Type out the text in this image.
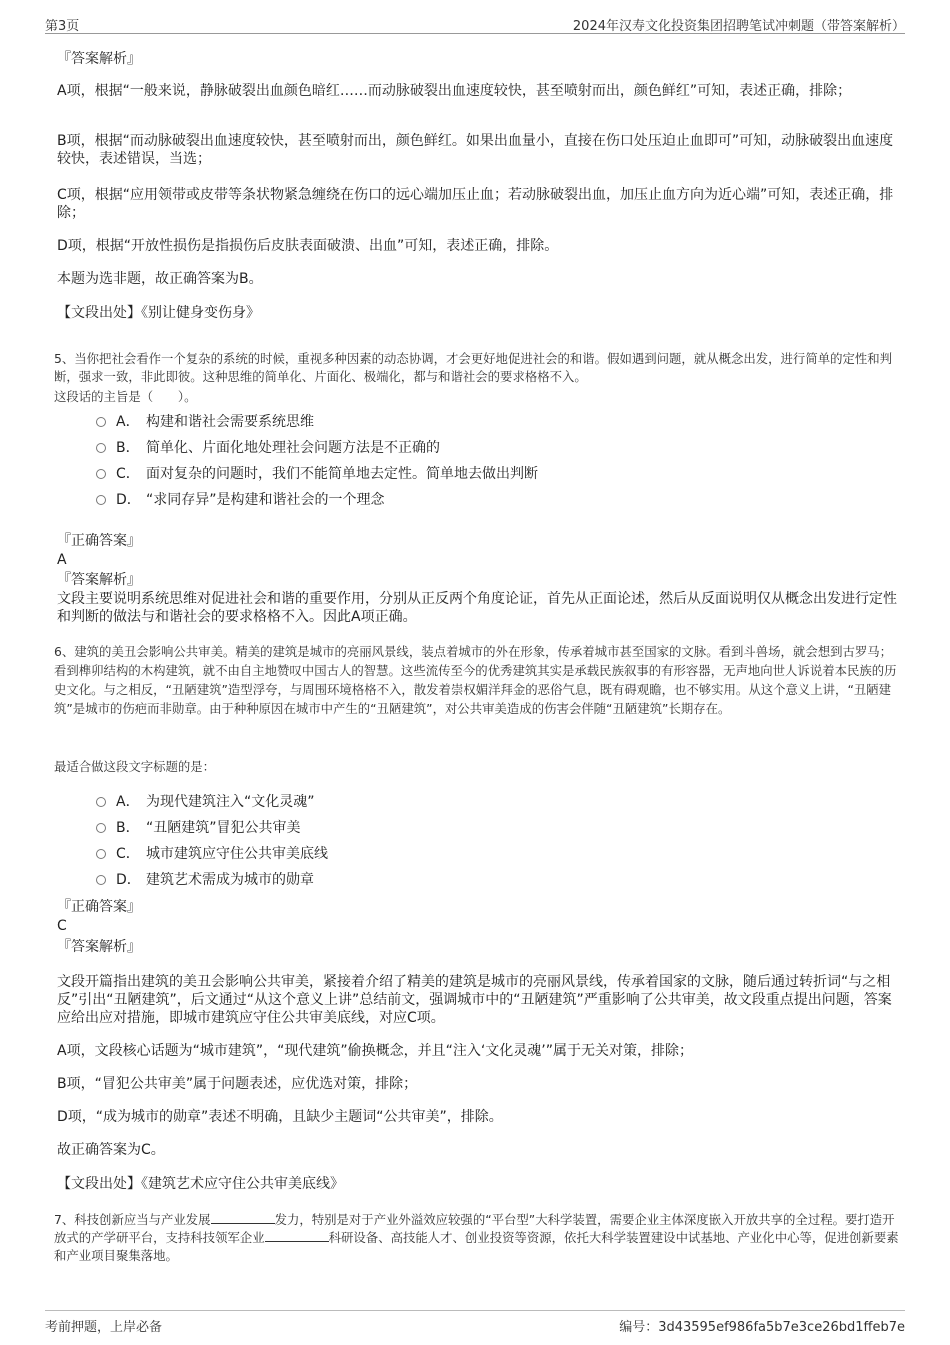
第3页	2024年汉寿文化投资集团招聘笔试冲刺题（带答案解析）
『答案解析』
A项，根据“一般来说，静脉破裂出血颜色暗红……而动脉破裂出血速度较快，甚至喷射而出，颜色鲜红”可知，表述正确，排除；
B项，根据“而动脉破裂出血速度较快，甚至喷射而出，颜色鲜红。如果出血量小，直接在伤口处压迫止血即可”可知，动脉破裂出血速度较快，表述错误，当选；
C项，根据“应用领带或皮带等条状物紧急缠绕在伤口的远心端加压止血；若动脉破裂出血，加压止血方向为近心端”可知，表述正确，排除；
D项，根据“开放性损伤是指损伤后皮肤表面破溃、出血”可知，表述正确，排除。
本题为选非题，故正确答案为B。
【文段出处】《别让健身变伤身》
5、当你把社会看作一个复杂的系统的时候，重视多种因素的动态协调，才会更好地促进社会的和谐。假如遇到问题，就从概念出发，进行简单的定性和判断，强求一致，非此即彼。这种思维的简单化、片面化、极端化，都与和谐社会的要求格格不入。
这段话的主旨是（　　）。
A． 构建和谐社会需要系统思维
B． 简单化、片面化地处理社会问题方法是不正确的
C． 面对复杂的问题时，我们不能简单地去定性。简单地去做出判断
D． “求同存异”是构建和谐社会的一个理念
『正确答案』
A
『答案解析』
文段主要说明系统思维对促进社会和谐的重要作用，分别从正反两个角度论证，首先从正面论述，然后从反面说明仅从概念出发进行定性和判断的做法与和谐社会的要求格格不入。因此A项正确。
6、建筑的美丑会影响公共审美。精美的建筑是城市的亮丽风景线，装点着城市的外在形象，传承着城市甚至国家的文脉。看到斗兽场，就会想到古罗马；看到榫卯结构的木构建筑，就不由自主地赞叹中国古人的智慧。这些流传至今的优秀建筑其实是承载民族叙事的有形容器，无声地向世人诉说着本民族的历史文化。与之相反，“丑陋建筑”造型浮夸，与周围环境格格不入，散发着崇权媚洋拜金的恶俗气息，既有碍观瞻，也不够实用。从这个意义上讲，“丑陋建筑”是城市的伤疤而非勋章。由于种种原因在城市中产生的“丑陋建筑”，对公共审美造成的伤害会伴随“丑陋建筑”长期存在。
最适合做这段文字标题的是：
A． 为现代建筑注入“文化灵魂”
B． “丑陋建筑”冒犯公共审美
C． 城市建筑应守住公共审美底线
D． 建筑艺术需成为城市的勋章
『正确答案』
C
『答案解析』
文段开篇指出建筑的美丑会影响公共审美，紧接着介绍了精美的建筑是城市的亮丽风景线，传承着国家的文脉，随后通过转折词“与之相反”引出“丑陋建筑”，后文通过“从这个意义上讲”总结前文，强调城市中的“丑陋建筑”严重影响了公共审美，故文段重点提出问题，答案应给出应对措施，即城市建筑应守住公共审美底线，对应C项。
A项，文段核心话题为“城市建筑”，“现代建筑”偷换概念，并且“注入‘文化灵魂’”属于无关对策，排除；
B项，“冒犯公共审美”属于问题表述，应优选对策，排除；
D项，“成为城市的勋章”表述不明确，且缺少主题词“公共审美”，排除。
故正确答案为C。
【文段出处】《建筑艺术应守住公共审美底线》
7、科技创新应当与产业发展	发力，特别是对于产业外溢效应较强的“平台型”大科学装置，需要企业主体深度嵌入开放共享的全过程。要打造开放式的产学研平台，支持科技领军企业	科研设备、高技能人才、创业投资等资源，依托大科学装置建设中试基地、产业化中心等，促进创新要素和产业项目聚集落地。
考前押题，上岸必备	编号：3d43595ef986fa5b7e3ce26bd1ffeb7e
